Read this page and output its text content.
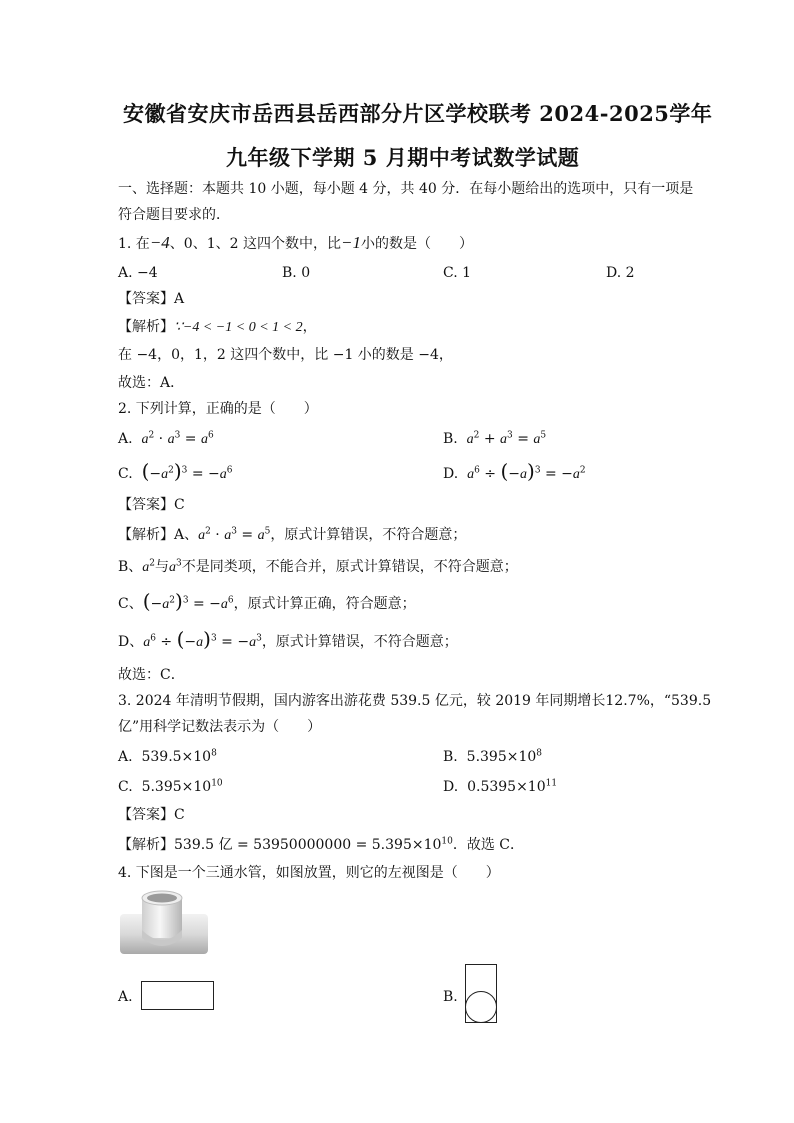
安徽省安庆市岳西县岳西部分片区学校联考 2024-2025学年
九年级下学期 5 月期中考试数学试题
一、选择题：本题共 10 小题，每小题 4 分，共 40 分．在每小题给出的选项中，只有一项是
符合题目要求的．
1. 在−4、0、1、2 这四个数中，比−1小的数是（　　）
A. −4	B. 0	C. 1	D. 2
【答案】A
【解析】∵−4 < −1 < 0 < 1 < 2，
在 −4，0，1，2 这四个数中，比 −1 小的数是 −4，
故选：A．
2. 下列计算，正确的是（　　）
A.  $a^2 \cdot a^3 = a^6$	B.  $a^2 + a^3 = a^5$
C.  $(-a^2)^3 = -a^6$	D.  $a^6 \div (-a)^3 = -a^2$
【答案】C
【解析】A、$a^2 \cdot a^3 = a^5$，原式计算错误，不符合题意；
B、$a^2$与$a^3$不是同类项，不能合并，原式计算错误，不符合题意；
C、$(-a^2)^3 = -a^6$，原式计算正确，符合题意；
D、$a^6 \div (-a)^3 = -a^3$，原式计算错误，不符合题意；
故选：C．
3. 2024 年清明节假期，国内游客出游花费 539.5 亿元，较 2019 年同期增长12.7%，“539.5
亿”用科学记数法表示为（　　）
A. $539.5\times 10^8$	B. $5.395\times 10^8$
C. $5.395\times 10^{10}$	D. $0.5395\times 10^{11}$
【答案】C
【解析】539.5 亿 = $53950000000 = 5.395\times 10^{10}$．故选 C．
4. 下图是一个三通水管，如图放置，则它的左视图是（　　）
A.	B.
